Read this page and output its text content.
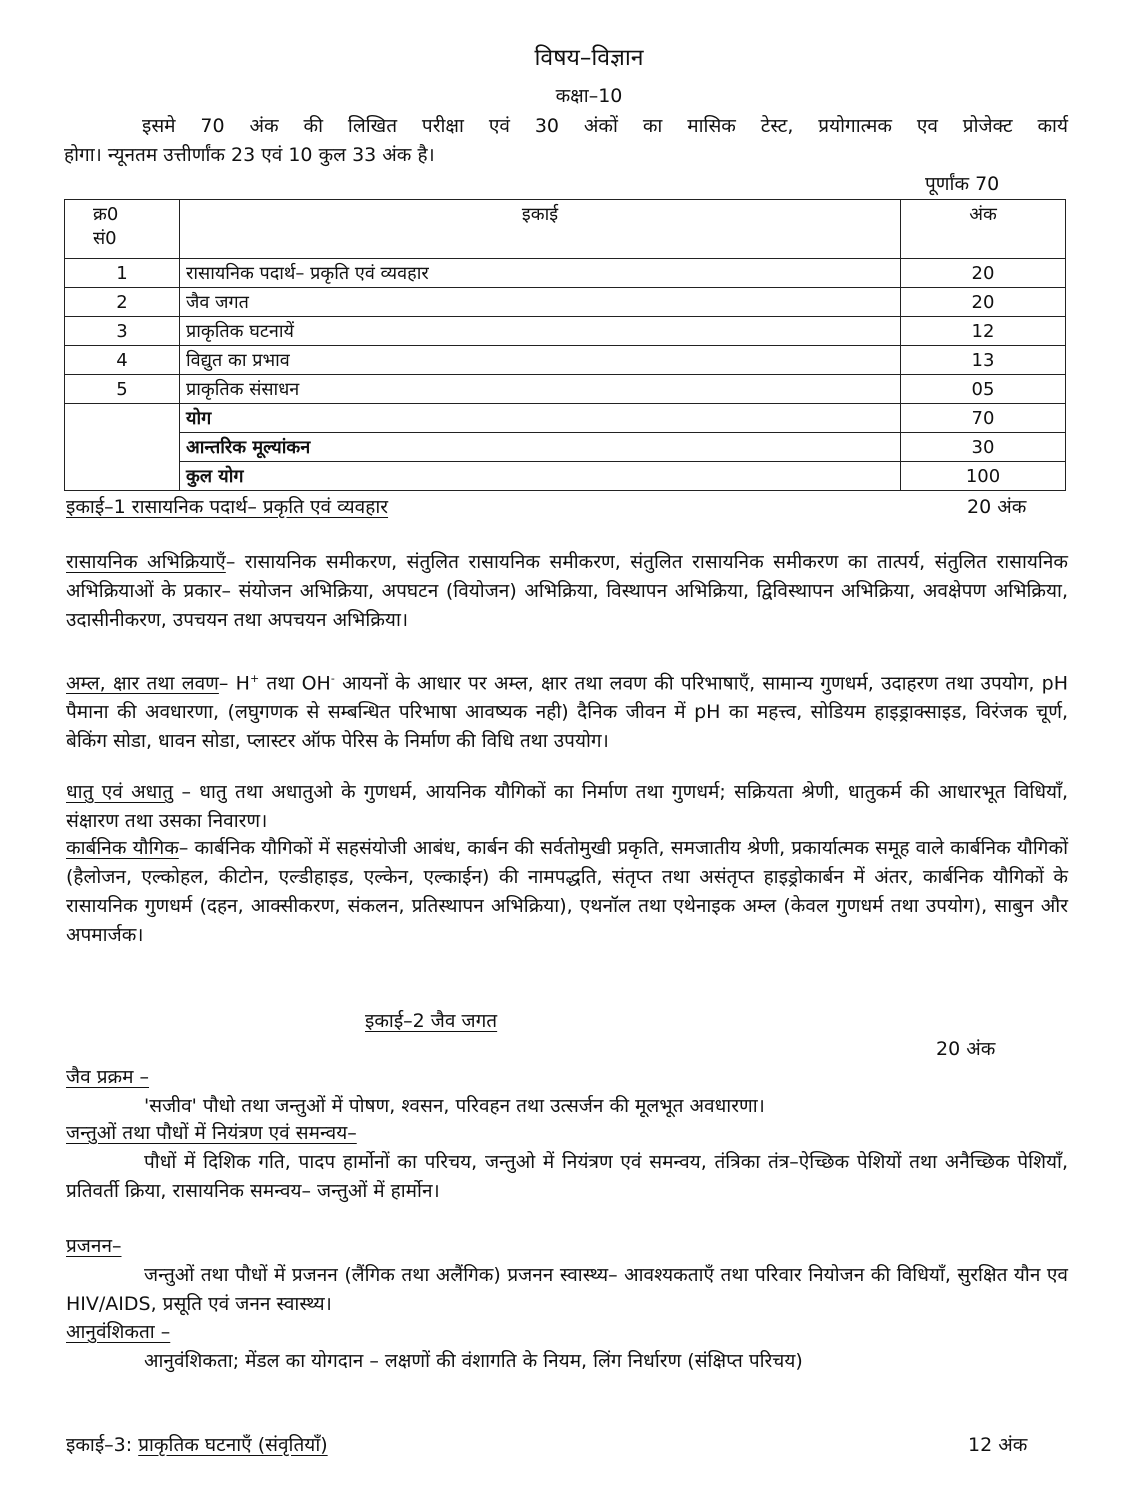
विषय–विज्ञान
कक्षा–10
इसमे 70 अंक की लिखित परीक्षा एवं 30 अंकों का मासिक टेस्ट, प्रयोगात्मक एव प्रोजेक्ट कार्य
होगा। न्यूनतम उत्तीर्णांक 23 एवं 10 कुल 33 अंक है।
पूर्णांक 70
क्र0
सं0	इकाई	अंक
1	रासायनिक पदार्थ– प्रकृति एवं व्यवहार	20
2	जैव जगत	20
3	प्राकृतिक घटनायें	12
4	विद्युत का प्रभाव	13
5	प्राकृतिक संसाधन	05
	योग	70
	आन्तरिक मूल्यांकन	30
	कुल योग	100
इकाई–1 रासायनिक पदार्थ– प्रकृति एवं व्यवहार	20 अंक
रासायनिक अभिक्रियाएँ– रासायनिक समीकरण, संतुलित रासायनिक समीकरण, संतुलित रासायनिक समीकरण का तात्पर्य, संतुलित रासायनिक अभिक्रियाओं के प्रकार– संयोजन अभिक्रिया, अपघटन (वियोजन) अभिक्रिया, विस्थापन अभिक्रिया, द्विविस्थापन अभिक्रिया, अवक्षेपण अभिक्रिया, उदासीनीकरण, उपचयन तथा अपचयन अभिक्रिया।
अम्ल, क्षार तथा लवण– H+ तथा OH- आयनों के आधार पर अम्ल, क्षार तथा लवण की परिभाषाएँ, सामान्य गुणधर्म, उदाहरण तथा उपयोग, pH पैमाना की अवधारणा, (लघुगणक से सम्बन्धित परिभाषा आवष्यक नही) दैनिक जीवन में pH का महत्त्व, सोडियम हाइड्राक्साइड, विरंजक चूर्ण, बेकिंग सोडा, धावन सोडा, प्लास्टर ऑफ पेरिस के निर्माण की विधि तथा उपयोग।
धातु एवं अधातु – धातु तथा अधातुओ के गुणधर्म, आयनिक यौगिकों का निर्माण तथा गुणधर्म; सक्रियता श्रेणी, धातुकर्म की आधारभूत विधियाँ, संक्षारण तथा उसका निवारण।
कार्बनिक यौगिक– कार्बनिक यौगिकों में सहसंयोजी आबंध, कार्बन की सर्वतोमुखी प्रकृति, समजातीय श्रेणी, प्रकार्यात्मक समूह वाले कार्बनिक यौगिकों (हैलोजन, एल्कोहल, कीटोन, एल्डीहाइड, एल्केन, एल्काईन) की नामपद्धति, संतृप्त तथा असंतृप्त हाइड्रोकार्बन में अंतर, कार्बनिक यौगिकों के रासायनिक गुणधर्म (दहन, आक्सीकरण, संकलन, प्रतिस्थापन अभिक्रिया), एथनॉल तथा एथेनाइक अम्ल (केवल गुणधर्म तथा उपयोग), साबुन और अपमार्जक।
इकाई–2 जैव जगत
20 अंक
जैव प्रक्रम –
'सजीव' पौधो तथा जन्तुओं में पोषण, श्वसन, परिवहन तथा उत्सर्जन की मूलभूत अवधारणा।
जन्तुओं तथा पौधों में नियंत्रण एवं समन्वय–
पौधों में दिशिक गति, पादप हार्मोनों का परिचय, जन्तुओ में नियंत्रण एवं समन्वय, तंत्रिका तंत्र–ऐच्छिक पेशियों तथा अनैच्छिक पेशियाँ, प्रतिवर्ती क्रिया, रासायनिक समन्वय– जन्तुओं में हार्मोन।
प्रजनन–
जन्तुओं तथा पौधों में प्रजनन (लैंगिक तथा अलैंगिक) प्रजनन स्वास्थ्य– आवश्यकताएँ तथा परिवार नियोजन की विधियाँ, सुरक्षित यौन एव HIV/AIDS, प्रसूति एवं जनन स्वास्थ्य।
आनुवंशिकता –
आनुवंशिकता; मेंडल का योगदान – लक्षणों की वंशागति के नियम, लिंग निर्धारण (संक्षिप्त परिचय)
इकाई–3: प्राकृतिक घटनाएँ (संवृतियाँ)	12 अंक
